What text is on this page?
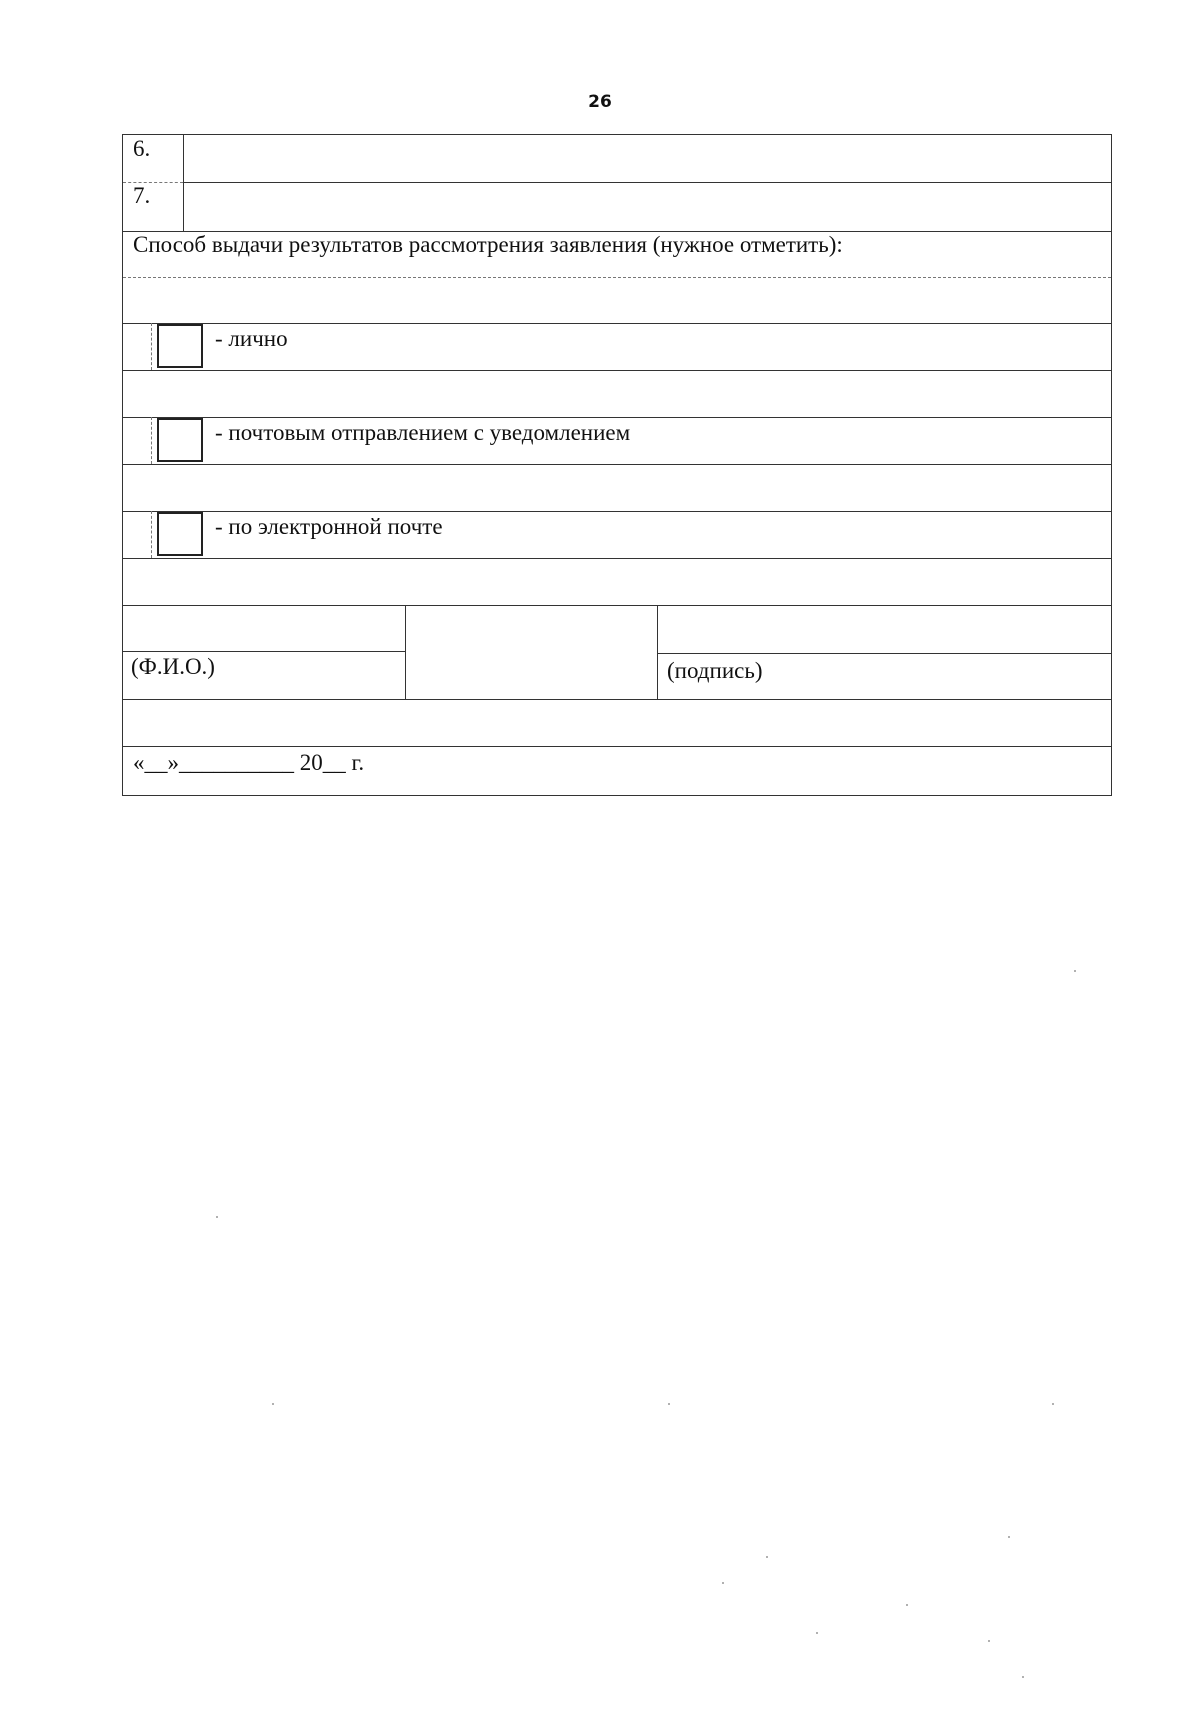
26
6.
7.
Способ выдачи результатов рассмотрения заявления (нужное отметить):
- лично
- почтовым отправлением с уведомлением
- по электронной почте
(Ф.И.О.)	(подпись)
«__»__________ 20__ г.
